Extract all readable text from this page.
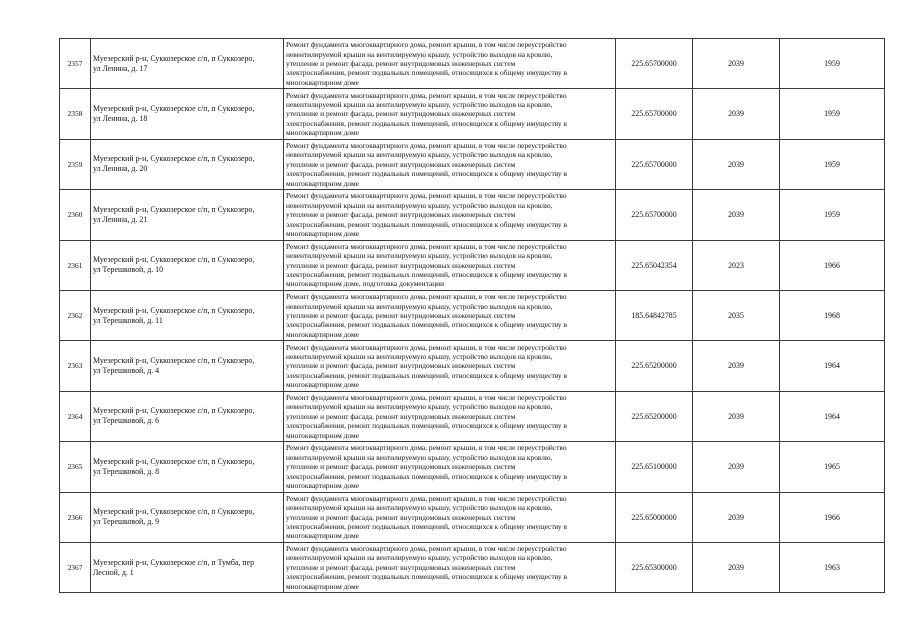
2357	Муезерский р-н, Суккозерское с/п, п Суккозеро,
ул Ленина, д. 17	Ремонт фундамента многоквартирного дома, ремонт крыши, в том числе переустройство
невентилируемой крыши на вентилируемую крышу, устройство выходов на кровлю,
утепление и ремонт фасада, ремонт внутридомовых инженерных систем
электроснабжения, ремонт подвальных помещений, относящихся к общему имуществу в
многоквартирном доме	225.65700000	2039	1959
2358	Муезерский р-н, Суккозерское с/п, п Суккозеро,
ул Ленина, д. 18	Ремонт фундамента многоквартирного дома, ремонт крыши, в том числе переустройство
невентилируемой крыши на вентилируемую крышу, устройство выходов на кровлю,
утепление и ремонт фасада, ремонт внутридомовых инженерных систем
электроснабжения, ремонт подвальных помещений, относящихся к общему имуществу в
многоквартирном доме	225.65700000	2039	1959
2359	Муезерский р-н, Суккозерское с/п, п Суккозеро,
ул Ленина, д. 20	Ремонт фундамента многоквартирного дома, ремонт крыши, в том числе переустройство
невентилируемой крыши на вентилируемую крышу, устройство выходов на кровлю,
утепление и ремонт фасада, ремонт внутридомовых инженерных систем
электроснабжения, ремонт подвальных помещений, относящихся к общему имуществу в
многоквартирном доме	225.65700000	2039	1959
2360	Муезерский р-н, Суккозерское с/п, п Суккозеро,
ул Ленина, д. 21	Ремонт фундамента многоквартирного дома, ремонт крыши, в том числе переустройство
невентилируемой крыши на вентилируемую крышу, устройство выходов на кровлю,
утепление и ремонт фасада, ремонт внутридомовых инженерных систем
электроснабжения, ремонт подвальных помещений, относящихся к общему имуществу в
многоквартирном доме	225.65700000	2039	1959
2361	Муезерский р-н, Суккозерское с/п, п Суккозеро,
ул Терешковой, д. 10	Ремонт фундамента многоквартирного дома, ремонт крыши, в том числе переустройство
невентилируемой крыши на вентилируемую крышу, устройство выходов на кровлю,
утепление и ремонт фасада, ремонт внутридомовых инженерных систем
электроснабжения, ремонт подвальных помещений, относящихся к общему имуществу в
многоквартирном доме, подготовка документации	225.65042354	2023	1966
2362	Муезерский р-н, Суккозерское с/п, п Суккозеро,
ул Терешковой, д. 11	Ремонт фундамента многоквартирного дома, ремонт крыши, в том числе переустройство
невентилируемой крыши на вентилируемую крышу, устройство выходов на кровлю,
утепление и ремонт фасада, ремонт внутридомовых инженерных систем
электроснабжения, ремонт подвальных помещений, относящихся к общему имуществу в
многоквартирном доме	185.64842785	2035	1968
2363	Муезерский р-н, Суккозерское с/п, п Суккозеро,
ул Терешковой, д. 4	Ремонт фундамента многоквартирного дома, ремонт крыши, в том числе переустройство
невентилируемой крыши на вентилируемую крышу, устройство выходов на кровлю,
утепление и ремонт фасада, ремонт внутридомовых инженерных систем
электроснабжения, ремонт подвальных помещений, относящихся к общему имуществу в
многоквартирном доме	225.65200000	2039	1964
2364	Муезерский р-н, Суккозерское с/п, п Суккозеро,
ул Терешковой, д. 6	Ремонт фундамента многоквартирного дома, ремонт крыши, в том числе переустройство
невентилируемой крыши на вентилируемую крышу, устройство выходов на кровлю,
утепление и ремонт фасада, ремонт внутридомовых инженерных систем
электроснабжения, ремонт подвальных помещений, относящихся к общему имуществу в
многоквартирном доме	225.65200000	2039	1964
2365	Муезерский р-н, Суккозерское с/п, п Суккозеро,
ул Терешковой, д. 8	Ремонт фундамента многоквартирного дома, ремонт крыши, в том числе переустройство
невентилируемой крыши на вентилируемую крышу, устройство выходов на кровлю,
утепление и ремонт фасада, ремонт внутридомовых инженерных систем
электроснабжения, ремонт подвальных помещений, относящихся к общему имуществу в
многоквартирном доме	225.65100000	2039	1965
2366	Муезерский р-н, Суккозерское с/п, п Суккозеро,
ул Терешковой, д. 9	Ремонт фундамента многоквартирного дома, ремонт крыши, в том числе переустройство
невентилируемой крыши на вентилируемую крышу, устройство выходов на кровлю,
утепление и ремонт фасада, ремонт внутридомовых инженерных систем
электроснабжения, ремонт подвальных помещений, относящихся к общему имуществу в
многоквартирном доме	225.65000000	2039	1966
2367	Муезерский р-н, Суккозерское с/п, п Тумба, пер
Лесной, д. 1	Ремонт фундамента многоквартирного дома, ремонт крыши, в том числе переустройство
невентилируемой крыши на вентилируемую крышу, устройство выходов на кровлю,
утепление и ремонт фасада, ремонт внутридомовых инженерных систем
электроснабжения, ремонт подвальных помещений, относящихся к общему имуществу в
многоквартирном доме	225.65300000	2039	1963
